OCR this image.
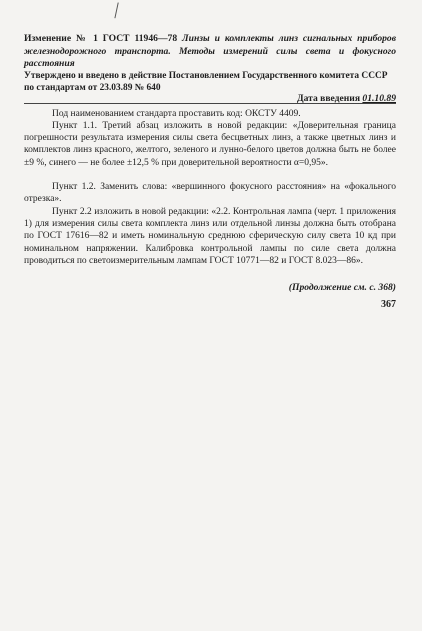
Изменение № 1 ГОСТ 11946—78 Линзы и комплекты линз сигнальных приборов железнодорожного транспорта. Методы измерений силы света и фокусного расстояния
Утверждено и введено в действие Постановлением Государственного комитета СССР по стандартам от 23.03.89 № 640
Дата введения 01.10.89

Под наименованием стандарта проставить код: ОКСТУ 4409.

Пункт 1.1. Третий абзац изложить в новой редакции: «Доверительная граница погрешности результата измерения силы света бесцветных линз, а также цветных линз и комплектов линз красного, желтого, зеленого и лунно-белого цветов должна быть не более ±9 %, синего — не более ±12,5 % при доверительной вероятности α=0,95».

Пункт 1.2. Заменить слова: «вершинного фокусного расстояния» на «фокального отрезка».

Пункт 2.2 изложить в новой редакции: «2.2. Контрольная лампа (черт. 1 приложения 1) для измерения силы света комплекта линз или отдельной линзы должна быть отобрана по ГОСТ 17616—82 и иметь номинальную среднюю сферическую силу света 10 кд при номинальном напряжении. Калибровка контрольной лампы по силе света должна проводиться по светоизмерительным лампам ГОСТ 10771—82 и ГОСТ 8.023—86».

(Продолжение см. с. 368)
367
